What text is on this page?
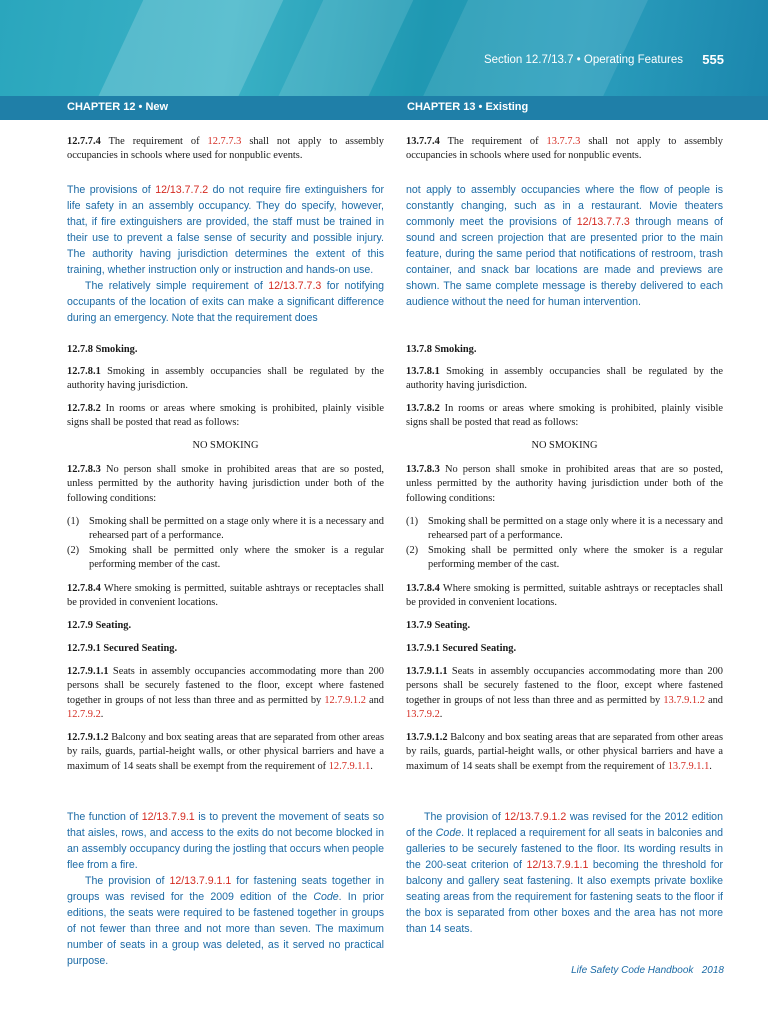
Section 12.7/13.7 • Operating Features 555
CHAPTER 12 • New	CHAPTER 13 • Existing

12.7.7.4 The requirement of 12.7.7.3 shall not apply to assembly occupancies in schools where used for nonpublic events.

The provisions of 12/13.7.7.2 do not require fire extinguishers for life safety in an assembly occupancy. They do specify, however, that, if fire extinguishers are provided, the staff must be trained in their use to prevent a false sense of security and possible injury. The authority having jurisdiction determines the extent of this training, whether instruction only or instruction and hands-on use.

The relatively simple requirement of 12/13.7.7.3 for notifying occupants of the location of exits can make a significant difference during an emergency. Note that the requirement does

12.7.8 Smoking.

12.7.8.1 Smoking in assembly occupancies shall be regulated by the authority having jurisdiction.

12.7.8.2 In rooms or areas where smoking is prohibited, plainly visible signs shall be posted that read as follows:

NO SMOKING

12.7.8.3 No person shall smoke in prohibited areas that are so posted, unless permitted by the authority having jurisdiction under both of the following conditions:

(1) Smoking shall be permitted on a stage only where it is a necessary and rehearsed part of a performance.

(2) Smoking shall be permitted only where the smoker is a regular performing member of the cast.

12.7.8.4 Where smoking is permitted, suitable ashtrays or receptacles shall be provided in convenient locations.

12.7.9 Seating.

12.7.9.1 Secured Seating.

12.7.9.1.1 Seats in assembly occupancies accommodating more than 200 persons shall be securely fastened to the floor, except where fastened together in groups of not less than three and as permitted by 12.7.9.1.2 and 12.7.9.2.

12.7.9.1.2 Balcony and box seating areas that are separated from other areas by rails, guards, partial-height walls, or other physical barriers and have a maximum of 14 seats shall be exempt from the requirement of 12.7.9.1.1.

The function of 12/13.7.9.1 is to prevent the movement of seats so that aisles, rows, and access to the exits do not become blocked in an assembly occupancy during the jostling that occurs when people flee from a fire.

The provision of 12/13.7.9.1.1 for fastening seats together in groups was revised for the 2009 edition of the Code. In prior editions, the seats were required to be fastened together in groups of not fewer than three and not more than seven. The maximum number of seats in a group was deleted, as it served no practical purpose.

13.7.7.4 The requirement of 13.7.7.3 shall not apply to assembly occupancies in schools where used for nonpublic events.

not apply to assembly occupancies where the flow of people is constantly changing, such as in a restaurant. Movie theaters commonly meet the provisions of 12/13.7.7.3 through means of sound and screen projection that are presented prior to the main feature, during the same period that notifications of restroom, trash container, and snack bar locations are made and previews are shown. The same complete message is thereby delivered to each audience without the need for human intervention.

13.7.8 Smoking.

13.7.8.1 Smoking in assembly occupancies shall be regulated by the authority having jurisdiction.

13.7.8.2 In rooms or areas where smoking is prohibited, plainly visible signs shall be posted that read as follows:

NO SMOKING

13.7.8.3 No person shall smoke in prohibited areas that are so posted, unless permitted by the authority having jurisdiction under both of the following conditions:

(1) Smoking shall be permitted on a stage only where it is a necessary and rehearsed part of a performance.

(2) Smoking shall be permitted only where the smoker is a regular performing member of the cast.

13.7.8.4 Where smoking is permitted, suitable ashtrays or receptacles shall be provided in convenient locations.

13.7.9 Seating.

13.7.9.1 Secured Seating.

13.7.9.1.1 Seats in assembly occupancies accommodating more than 200 persons shall be securely fastened to the floor, except where fastened together in groups of not less than three and as permitted by 13.7.9.1.2 and 13.7.9.2.

13.7.9.1.2 Balcony and box seating areas that are separated from other areas by rails, guards, partial-height walls, or other physical barriers and have a maximum of 14 seats shall be exempt from the requirement of 13.7.9.1.1.

The provision of 12/13.7.9.1.2 was revised for the 2012 edition of the Code. It replaced a requirement for all seats in balconies and galleries to be securely fastened to the floor. Its wording results in the 200-seat criterion of 12/13.7.9.1.1 becoming the threshold for balcony and gallery seat fastening. It also exempts private boxlike seating areas from the requirement for fastening seats to the floor if the box is separated from other boxes and the area has not more than 14 seats.

Life Safety Code Handbook 2018
